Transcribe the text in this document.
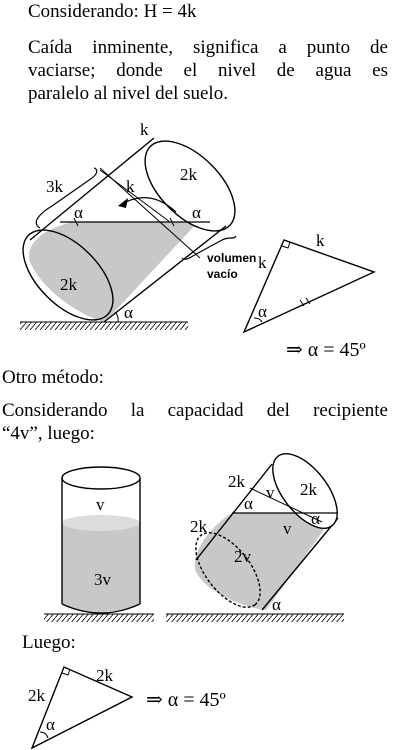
Considerando: H = 4k
Caída inminente, significa a punto de
vaciarse; donde el nivel de agua es
paralelo al nivel del suelo.
k
3k	k
2k
α	α
2k
α
volumen
vacío
k
k
α
⇒ α = 45º
v
3v
2k	2k
2k
α
v
v
α
2v
α
2k
2k
α
⇒ α = 45º
Otro método:
Considerando la capacidad del recipiente
“4v”, luego:
Luego:
